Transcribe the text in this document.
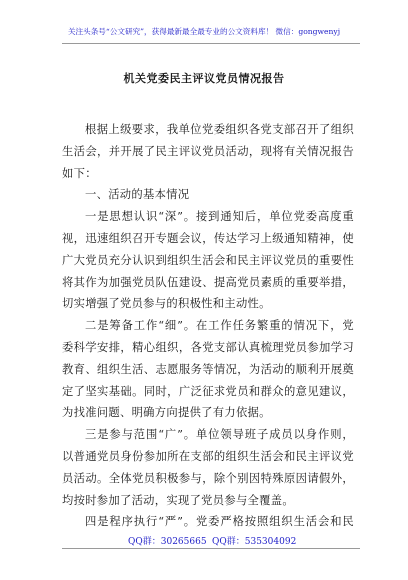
关注头条号“公文研究”，获得最新最全最专业的公文资料库！ 微信：gongwenyj
机关党委民主评议党员情况报告
根据上级要求，我单位党委组织各党支部召开了组织
生活会，并开展了民主评议党员活动，现将有关情况报告
如下：
一、活动的基本情况
一是思想认识“深”。接到通知后，单位党委高度重
视，迅速组织召开专题会议，传达学习上级通知精神，使
广大党员充分认识到组织生活会和民主评议党员的重要性
将其作为加强党员队伍建设、提高党员素质的重要举措，
切实增强了党员参与的积极性和主动性。
二是筹备工作“细”。在工作任务繁重的情况下，党
委科学安排，精心组织，各党支部认真梳理党员参加学习
教育、组织生活、志愿服务等情况，为活动的顺利开展奠
定了坚实基础。同时，广泛征求党员和群众的意见建议，
为找准问题、明确方向提供了有力依据。
三是参与范围“广”。单位领导班子成员以身作则，
以普通党员身份参加所在支部的组织生活会和民主评议党
员活动。全体党员积极参与，除个别因特殊原因请假外，
均按时参加了活动，实现了党员参与全覆盖。
四是程序执行“严”。党委严格按照组织生活会和民
QQ群：30265665 QQ群：535304092
